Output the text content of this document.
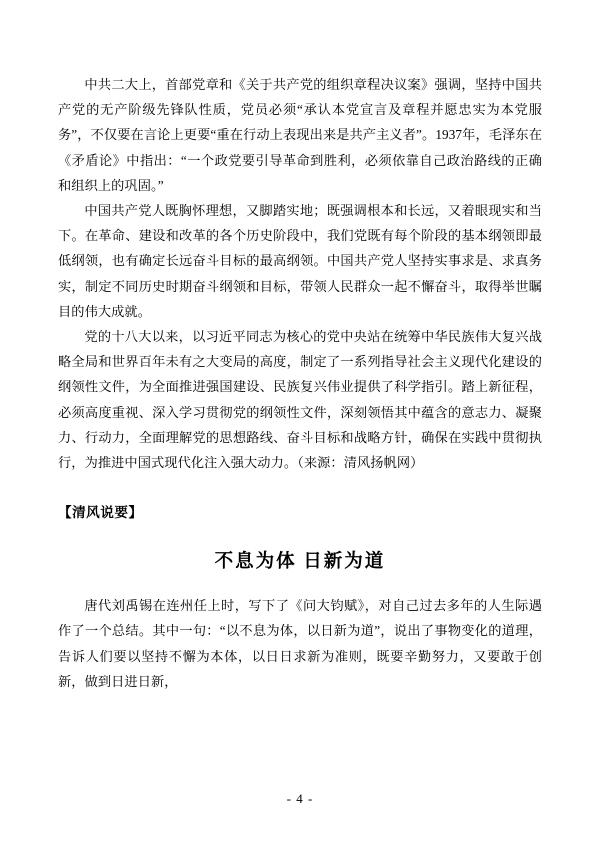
中共二大上，首部党章和《关于共产党的组织章程决议案》强调，坚持中国共产党的无产阶级先锋队性质，党员必须“承认本党宣言及章程并愿忠实为本党服务”，不仅要在言论上更要“重在行动上表现出来是共产主义者”。1937年，毛泽东在《矛盾论》中指出：“一个政党要引导革命到胜利，必须依靠自己政治路线的正确和组织上的巩固。”

中国共产党人既胸怀理想，又脚踏实地；既强调根本和长远，又着眼现实和当下。在革命、建设和改革的各个历史阶段中，我们党既有每个阶段的基本纲领即最低纲领，也有确定长远奋斗目标的最高纲领。中国共产党人坚持实事求是、求真务实，制定不同历史时期奋斗纲领和目标，带领人民群众一起不懈奋斗，取得举世瞩目的伟大成就。

党的十八大以来，以习近平同志为核心的党中央站在统筹中华民族伟大复兴战略全局和世界百年未有之大变局的高度，制定了一系列指导社会主义现代化建设的纲领性文件，为全面推进强国建设、民族复兴伟业提供了科学指引。踏上新征程，必须高度重视、深入学习贯彻党的纲领性文件，深刻领悟其中蕴含的意志力、凝聚力、行动力，全面理解党的思想路线、奋斗目标和战略方针，确保在实践中贯彻执行，为推进中国式现代化注入强大动力。（来源：清风扬帆网）

【清风说要】
不息为体 日新为道

唐代刘禹锡在连州任上时，写下了《问大钧赋》，对自己过去多年的人生际遇作了一个总结。其中一句：“以不息为体，以日新为道”，说出了事物变化的道理，告诉人们要以坚持不懈为本体，以日日求新为准则，既要辛勤努力，又要敢于创新，做到日进日新，

- 4 -
